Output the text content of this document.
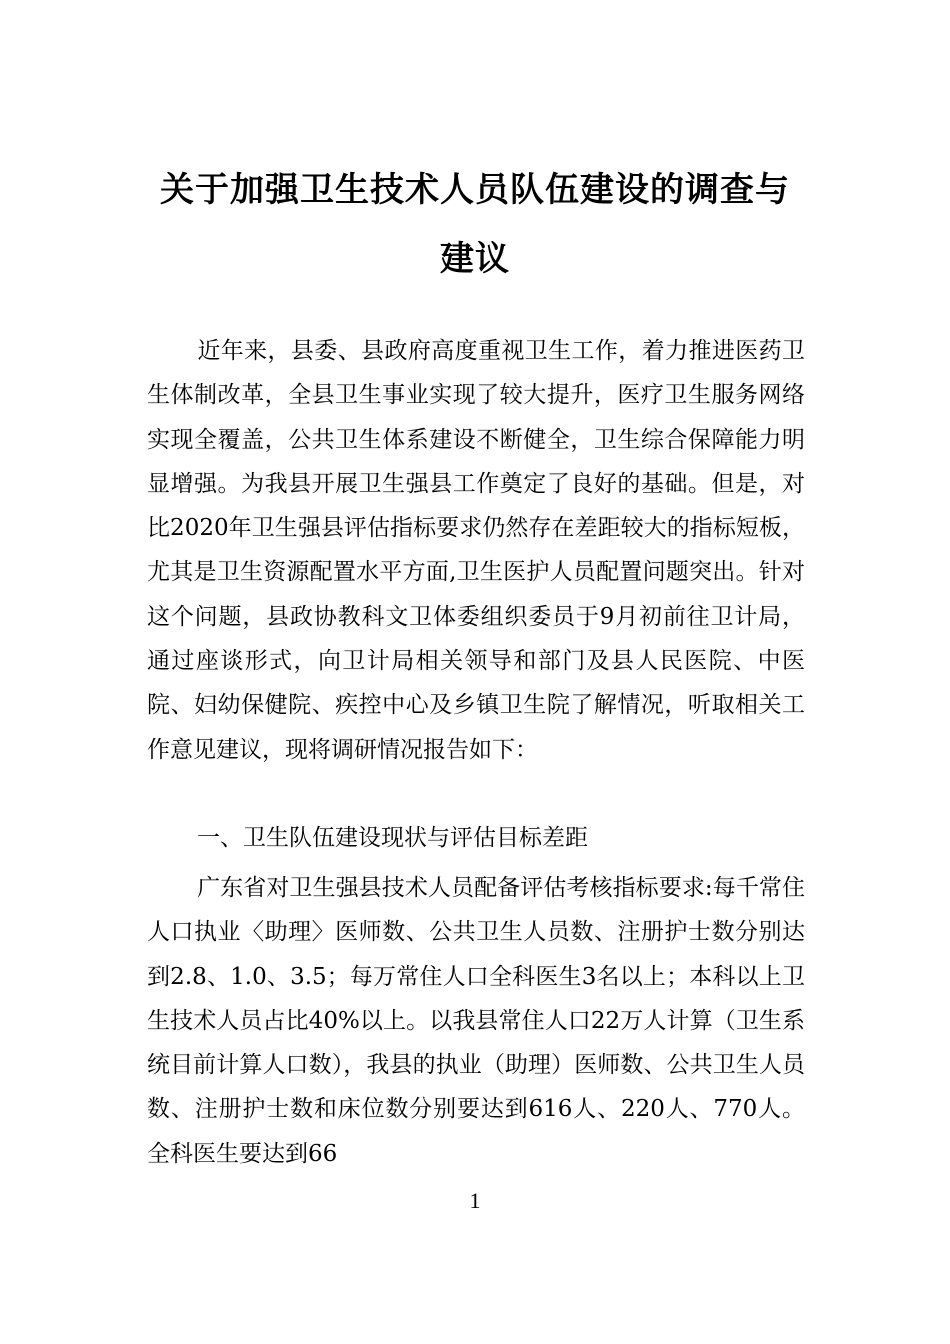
关于加强卫生技术人员队伍建设的调查与
建议
近年来，县委、县政府高度重视卫生工作，着力推进医药卫生体制改革，全县卫生事业实现了较大提升，医疗卫生服务网络实现全覆盖，公共卫生体系建设不断健全，卫生综合保障能力明显增强。为我县开展卫生强县工作奠定了良好的基础。但是，对比2020年卫生强县评估指标要求仍然存在差距较大的指标短板，尤其是卫生资源配置水平方面,卫生医护人员配置问题突出。针对这个问题，县政协教科文卫体委组织委员于9月初前往卫计局，通过座谈形式，向卫计局相关领导和部门及县人民医院、中医院、妇幼保健院、疾控中心及乡镇卫生院了解情况，听取相关工作意见建议，现将调研情况报告如下：
一、卫生队伍建设现状与评估目标差距
广东省对卫生强县技术人员配备评估考核指标要求:每千常住人口执业〈助理〉医师数、公共卫生人员数、注册护士数分别达到2.8、1.0、3.5；每万常住人口全科医生3名以上；本科以上卫生技术人员占比40%以上。以我县常住人口22万人计算（卫生系统目前计算人口数），我县的执业（助理）医师数、公共卫生人员数、注册护士数和床位数分别要达到616人、220人、770人。全科医生要达到66
1
